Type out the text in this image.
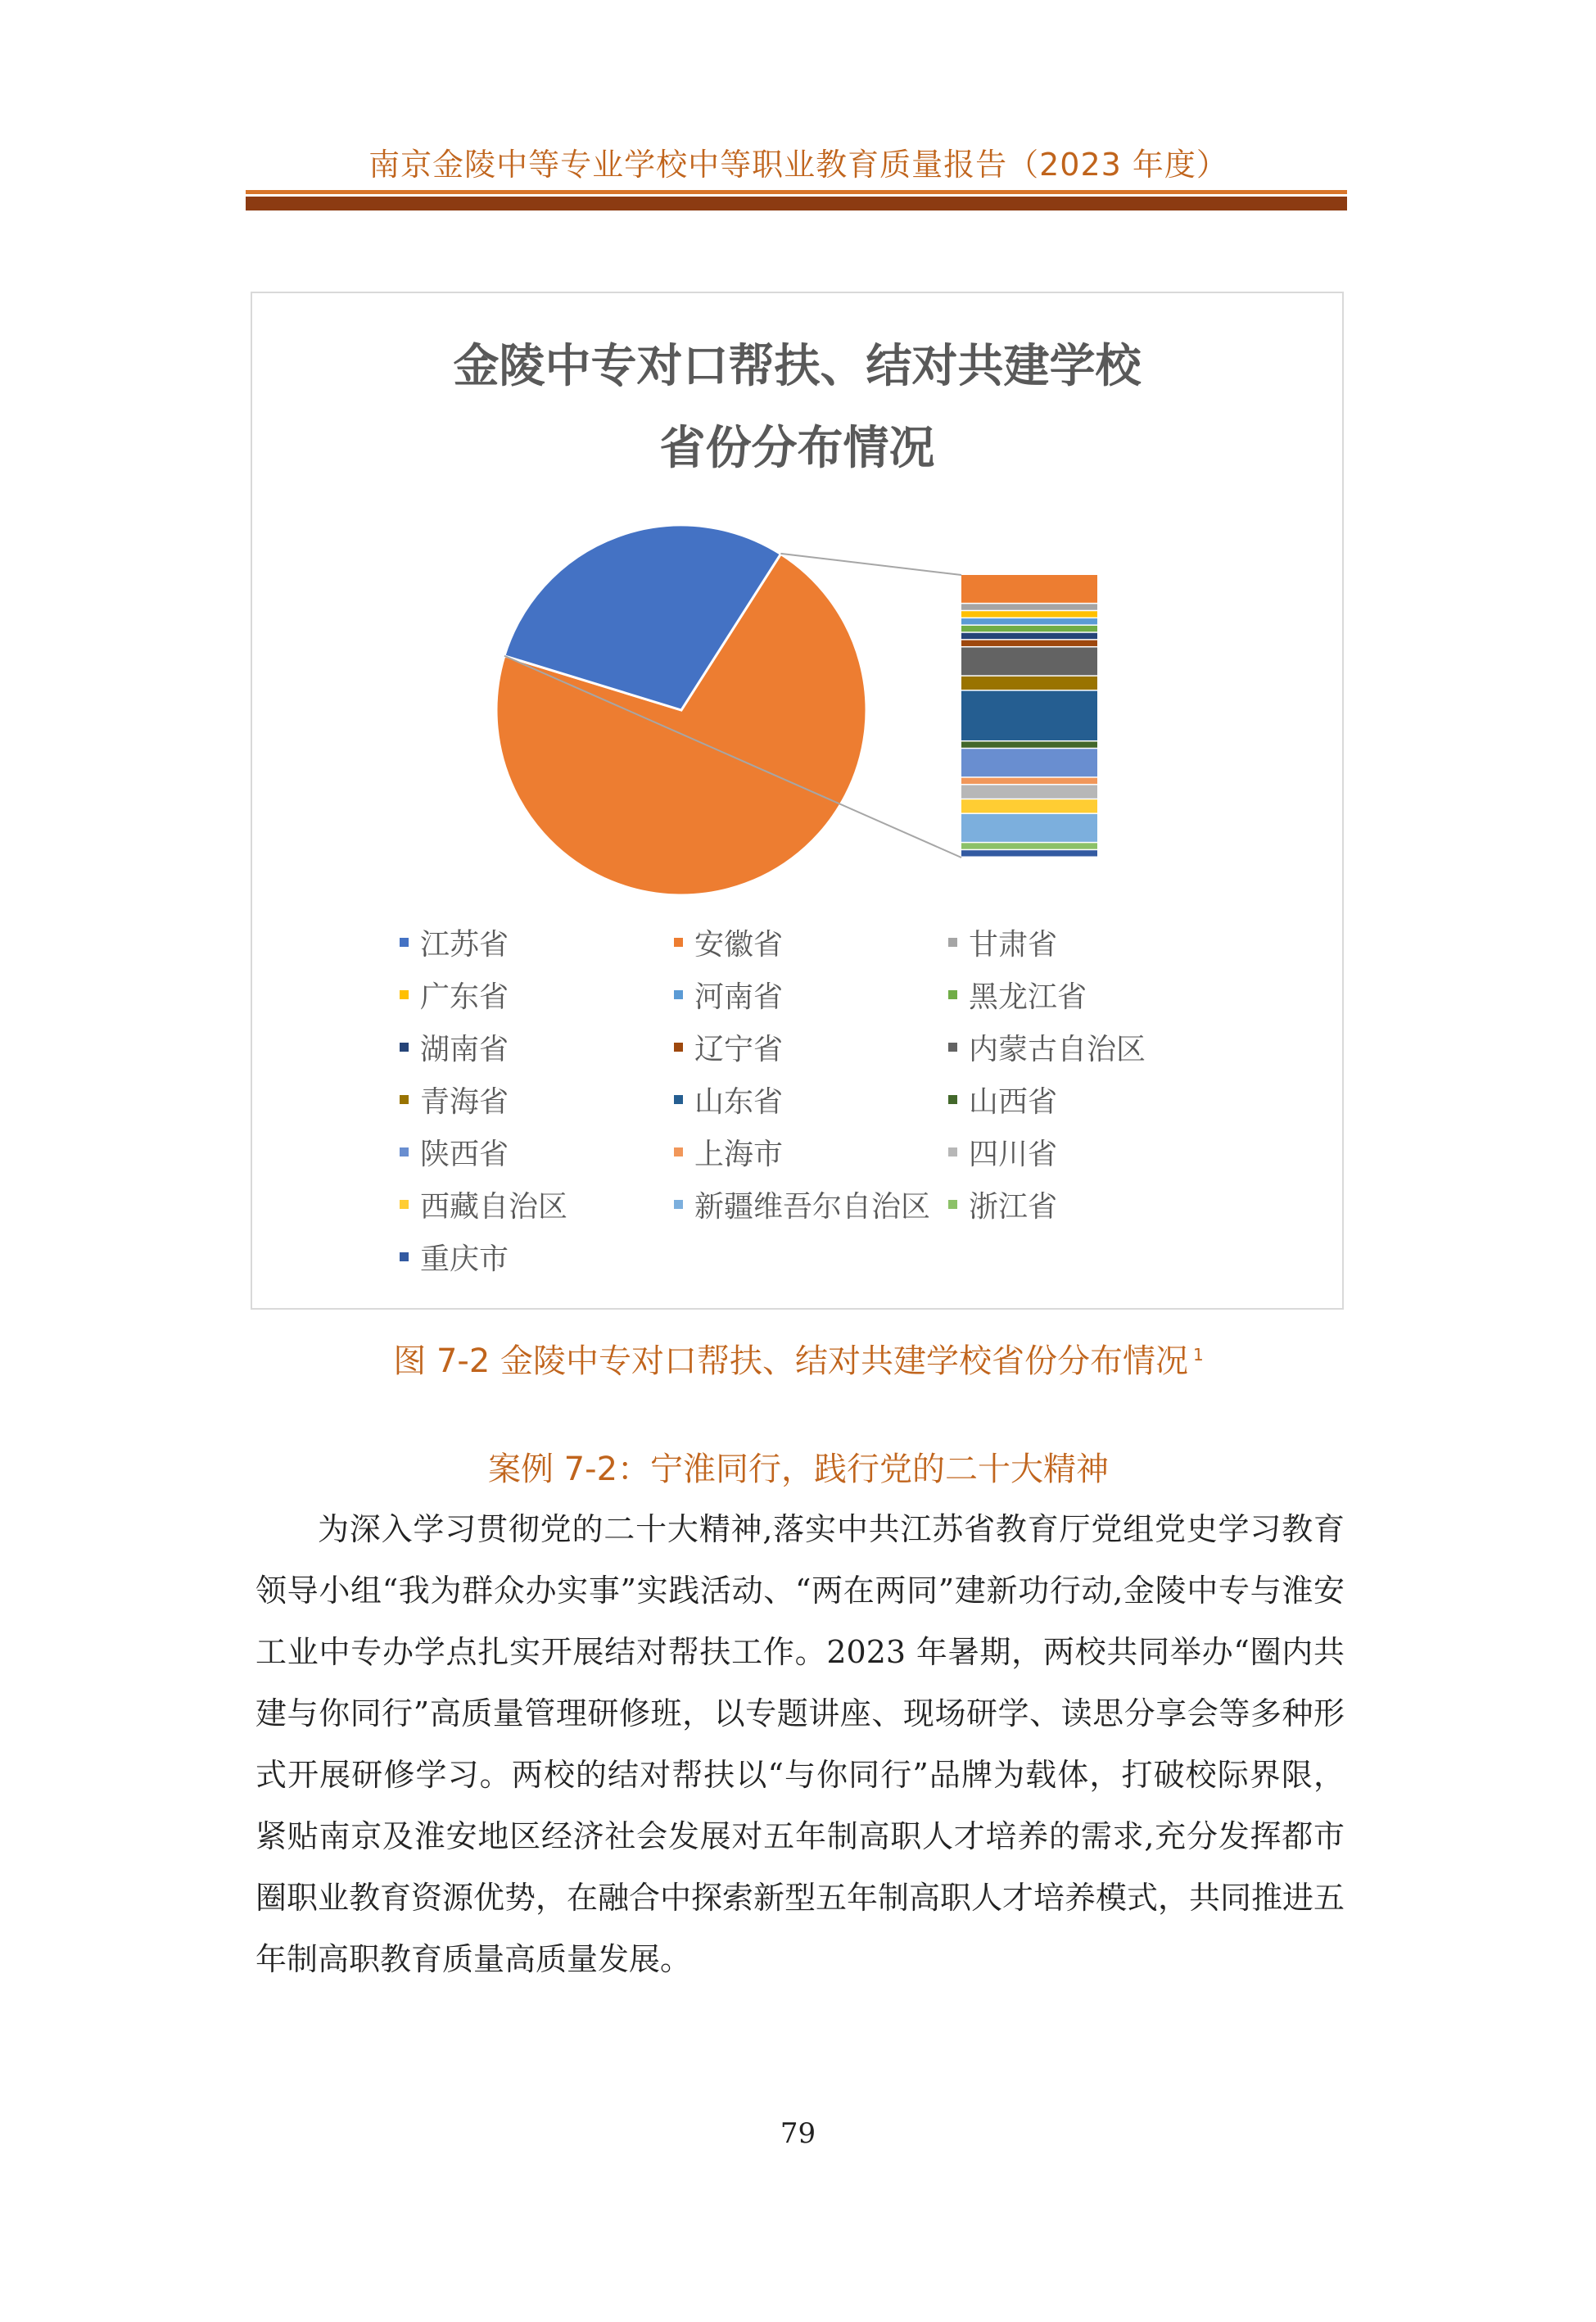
南京金陵中等专业学校中等职业教育质量报告（2023 年度）
金陵中专对口帮扶、结对共建学校
省份分布情况
江苏省	安徽省	甘肃省
广东省	河南省	黑龙江省
湖南省	辽宁省	内蒙古自治区
青海省	山东省	山西省
陕西省	上海市	四川省
西藏自治区	新疆维吾尔自治区 浙江省
重庆市
图 7-2 金陵中专对口帮扶、结对共建学校省份分布情况 $^1$
案例 7-2：宁淮同行，践行党的二十大精神

为深入学习贯彻党的二十大精神,落实中共江苏省教育厅党组党史学习教育领导小组“我为群众办实事”实践活动、“两在两同”建新功行动,金陵中专与淮安工业中专办学点扎实开展结对帮扶工作。2023 年暑期，两校共同举办“圈内共建与你同行”高质量管理研修班，以专题讲座、现场研学、读思分享会等多种形式开展研修学习。两校的结对帮扶以“与你同行”品牌为载体，打破校际界限，紧贴南京及淮安地区经济社会发展对五年制高职人才培养的需求,充分发挥都市圈职业教育资源优势，在融合中探索新型五年制高职人才培养模式，共同推进五年制高职教育质量高质量发展。

79
